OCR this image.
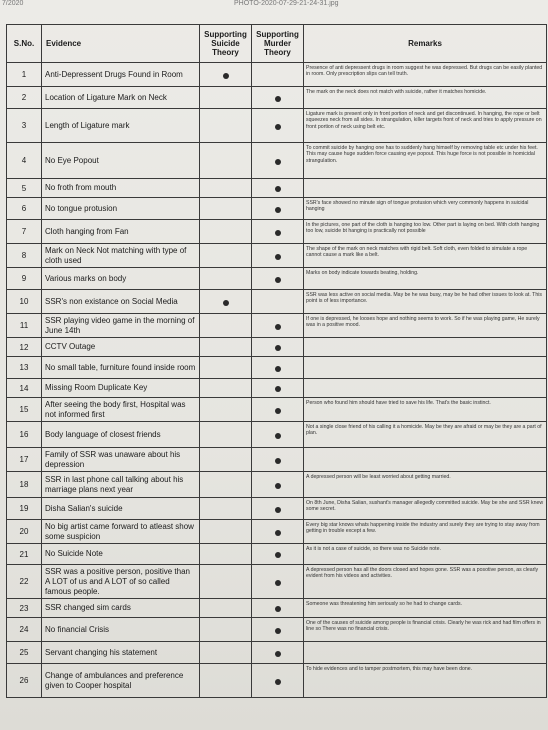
7/2020	PHOTO-2020-07-29-21-24-31.jpg
S.No.	Evidence	Supporting Suicide Theory	Supporting Murder Theory	Remarks
1	Anti-Depressent Drugs Found in Room			Presence of anti depressent drugs in room suggest he was depressed. But drugs can be easily planted in room. Only prescription slips can tell truth.
2	Location of Ligature Mark on Neck			The mark on the neck does not match with suicide, rather it matches homicide.
3	Length of Ligature mark			Ligature mark is present only in front portion of neck and get discontinued. In hanging, the rope or belt squeezes neck from all sides. In strangulation, killer targets front of neck and tries to apply pressure on front portion of neck using belt etc.
4	No Eye Popout			To commit suicide by hanging one has to suddenly hang himself by removing table etc under his feet. This may cause huge sudden force causing eye popout. This huge force is not possible in homicidal strangulation.
5	No froth from mouth			
6	No tongue protusion			SSR's face showed no minute sign of tongue protusion which very commonly happens in suicidal hanging
7	Cloth hanging from Fan			In the pictures, one part of the cloth is hanging too low. Other part is laying on bed. With cloth hanging too low, suicide bt hanging is practically not possible
8	Mark on Neck Not matching with type of cloth used			The shape of the mark on neck matches with rigid belt. Soft cloth, even folded to simulate a rope cannot cause a mark like a belt.
9	Various marks on body			Marks on body indicate towards beating, holding.
10	SSR's non existance on Social Media			SSR was less active on social media. May be he was busy, may be he had other issues to look at. This point is of less importance.
11	SSR playing video game in the morning of June 14th			If one is depressed, he looses hope and nothing seems to work. So if he was playing game, He surely was in a positive mood.
12	CCTV Outage			
13	No small table, furniture found inside room			
14	Missing Room Duplicate Key			
15	After seeing the body first, Hospital was not informed first			Person who found him should have tried to save his life. That's the basic instinct.
16	Body language of closest friends			Not a single close friend of his calling it a homicide. May be they are afraid or may be they are a part of plan.
17	Family of SSR was unaware about his depression			
18	SSR in last phone call talking about his marriage plans next year			A depressed person will be least worried about getting married.
19	Disha Salian's suicide			On 8th June, Disha Salian, sushant's manager allegedly committed suicide. May be she and SSR knew some secret.
20	No big artist came forward to atleast show some suspicion			Every big star knows whats happening inside the industry and surely they are trying to stay away from getting in trouble except a few.
21	No Suicide Note			As it is not a case of suicide, so there was no Suicide note.
22	SSR was a positive person, positive than A LOT of us and A LOT of so called famous people.			A depressed person has all the doors closed and hopes gone. SSR was a posotive person, as clearly evident from his videos and activities.
23	SSR changed sim cards			Someone was threatening him seriously so he had to change cards.
24	No financial Crisis			One of the causes of suicide among people is financial crisis. Clearly he was rick and had film offers in line so There was no financial crisis.
25	Servant changing his statement			
26	Change of ambulances and preference given to Cooper hospital			To hide evidences and to tamper postmortem, this may have been done.
